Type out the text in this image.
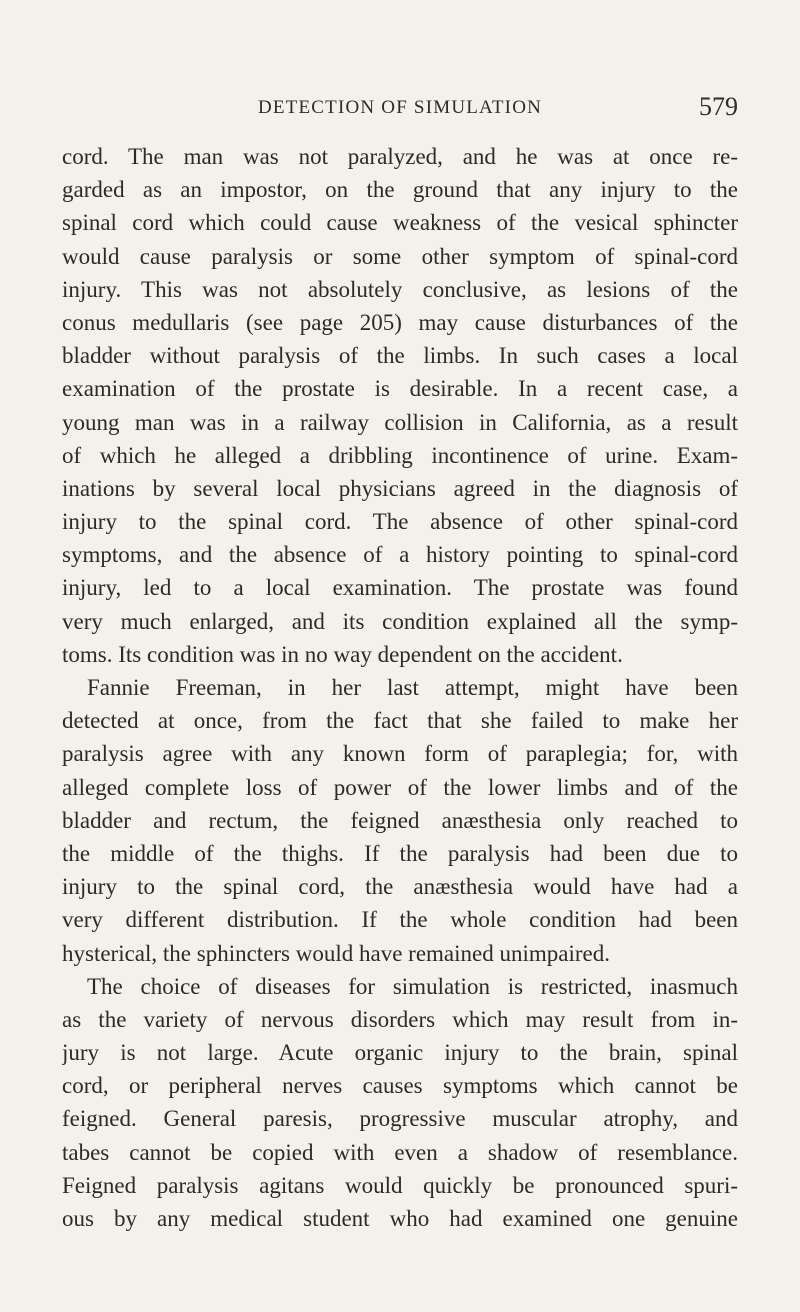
DETECTION OF SIMULATION	579
cord. The man was not paralyzed, and he was at once re-
garded as an impostor, on the ground that any injury to the
spinal cord which could cause weakness of the vesical sphincter
would cause paralysis or some other symptom of spinal-cord
injury. This was not absolutely conclusive, as lesions of the
conus medullaris (see page 205) may cause disturbances of the
bladder without paralysis of the limbs. In such cases a local
examination of the prostate is desirable. In a recent case, a
young man was in a railway collision in California, as a result
of which he alleged a dribbling incontinence of urine. Exam-
inations by several local physicians agreed in the diagnosis of
injury to the spinal cord. The absence of other spinal-cord
symptoms, and the absence of a history pointing to spinal-cord
injury, led to a local examination. The prostate was found
very much enlarged, and its condition explained all the symp-
toms. Its condition was in no way dependent on the accident.
Fannie Freeman, in her last attempt, might have been
detected at once, from the fact that she failed to make her
paralysis agree with any known form of paraplegia; for, with
alleged complete loss of power of the lower limbs and of the
bladder and rectum, the feigned anæsthesia only reached to
the middle of the thighs. If the paralysis had been due to
injury to the spinal cord, the anæsthesia would have had a
very different distribution. If the whole condition had been
hysterical, the sphincters would have remained unimpaired.
The choice of diseases for simulation is restricted, inasmuch
as the variety of nervous disorders which may result from in-
jury is not large. Acute organic injury to the brain, spinal
cord, or peripheral nerves causes symptoms which cannot be
feigned. General paresis, progressive muscular atrophy, and
tabes cannot be copied with even a shadow of resemblance.
Feigned paralysis agitans would quickly be pronounced spuri-
ous by any medical student who had examined one genuine
